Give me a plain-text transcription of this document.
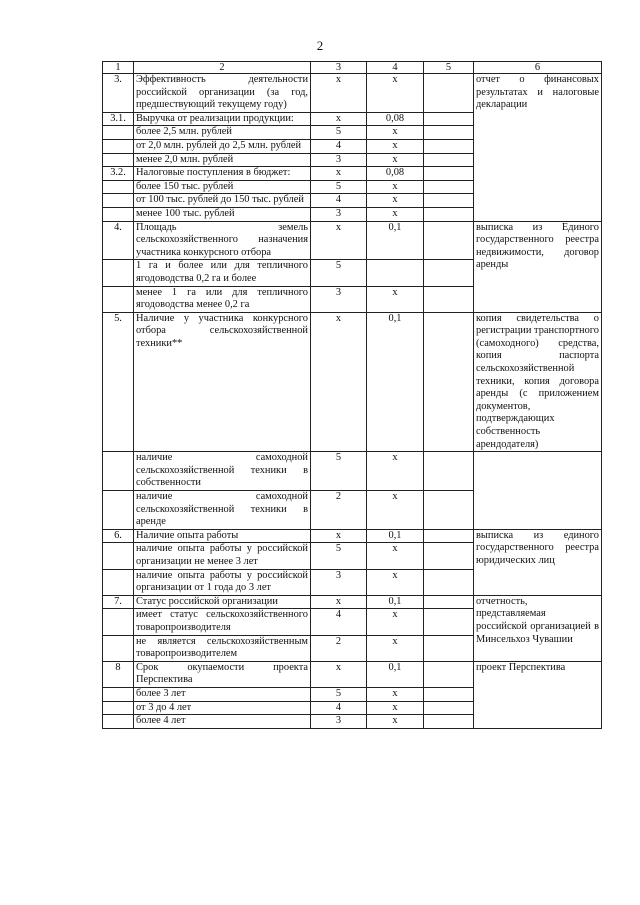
2
1	2	3	4	5	6
3.	Эффективность деятельности российской организации (за год, предшествующий текущему году)	х	х		отчет о финансовых результатах и налоговые декларации
3.1.	Выручка от реализации продукции:	х	0,08		
	более 2,5 млн. рублей	5	х		
	от 2,0 млн. рублей до 2,5 млн. рублей	4	х		
	менее 2,0 млн. рублей	3	х		
3.2.	Налоговые поступления в бюджет:	х	0,08		
	более 150 тыс. рублей	5	х		
	от 100 тыс. рублей до 150 тыс. рублей	4	х		
	менее 100 тыс. рублей	3	х		
4.	Площадь земель сельскохозяйственного назначения участника конкурсного отбора	х	0,1		выписка из Единого государственного реестра недвижимости, договор аренды
	1 га и более или для тепличного ягодоводства 0,2 га и более	5			
	менее 1 га или для тепличного ягодоводства менее 0,2 га	3	х		
5.	Наличие у участника конкурсного отбора сельскохозяйственной техники**	х	0,1		копия свидетельства о регистрации транспортного (самоходного) средства, копия паспорта сельскохозяйственной техники, копия договора аренды (с приложением документов, подтверждающих собственность арендодателя)
	наличие самоходной сельскохозяйственной техники в собственности	5	х		
	наличие самоходной сельскохозяйственной техники в аренде	2	х		
6.	Наличие опыта работы	х	0,1		выписка из единого государственного реестра юридических лиц
	наличие опыта работы у российской организации не менее 3 лет	5	х		
	наличие опыта работы у российской организации от 1 года до 3 лет	3	х		
7.	Статус российской организации	х	0,1		отчетность, представляемая российской организацией в Минсельхоз Чувашии
	имеет статус сельскохозяйственного товаропроизводителя	4	х		
	не является сельскохозяйственным товаропроизводителем	2	х		
8	Срок окупаемости проекта Перспектива	х	0,1		проект Перспектива
	более 3 лет	5	х		
	от 3 до 4 лет	4	х		
	более 4 лет	3	х		
